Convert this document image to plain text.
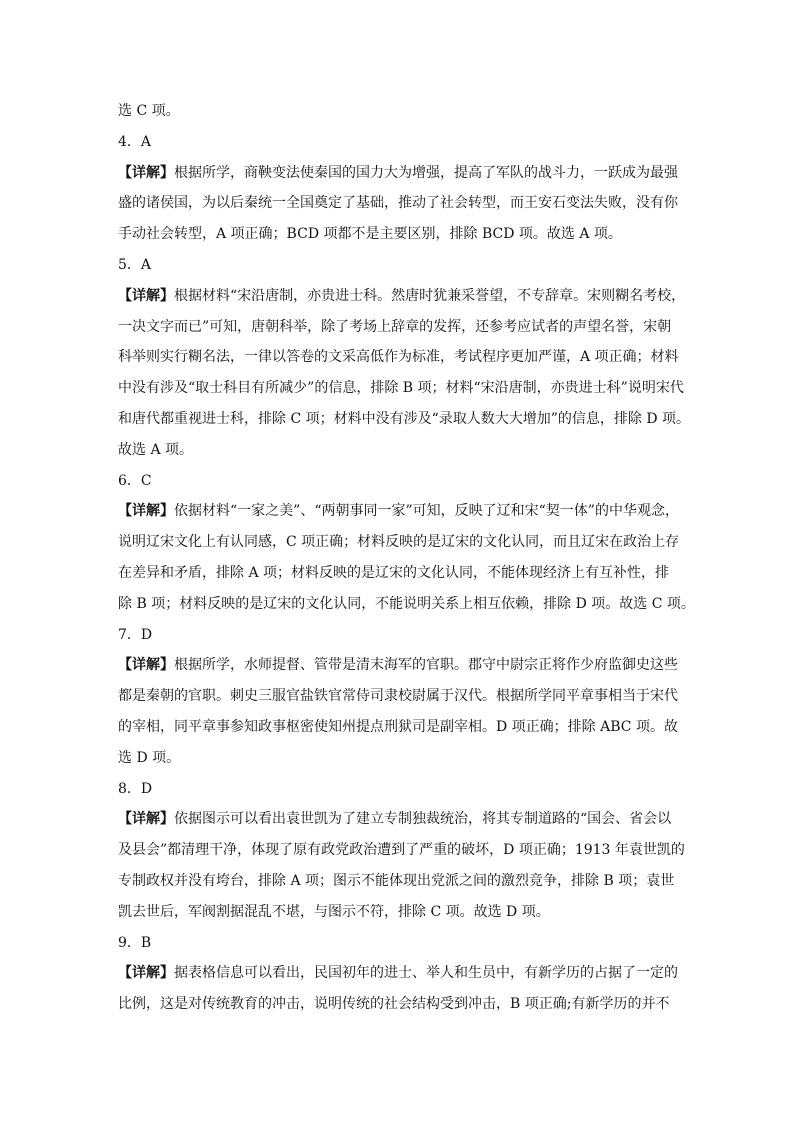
选 C 项。
4．A
【详解】根据所学，商鞅变法使秦国的国力大为增强，提高了军队的战斗力，一跃成为最强
盛的诸侯国，为以后秦统一全国奠定了基础，推动了社会转型，而王安石变法失败，没有你
手动社会转型，A 项正确；BCD 项都不是主要区别，排除 BCD 项。故选 A 项。
5．A
【详解】根据材料“宋沿唐制，亦贵进士科。然唐时犹兼采誉望，不专辞章。宋则糊名考校，
一决文字而已”可知，唐朝科举，除了考场上辞章的发挥，还参考应试者的声望名誉，宋朝
科举则实行糊名法，一律以答卷的文采高低作为标准，考试程序更加严谨，A 项正确；材料
中没有涉及“取士科目有所减少”的信息，排除 B 项；材料“宋沿唐制，亦贵进士科”说明宋代
和唐代都重视进士科，排除 C 项；材料中没有涉及“录取人数大大增加”的信息，排除 D 项。
故选 A 项。
6．C
【详解】依据材料“一家之美”、“两朝事同一家”可知，反映了辽和宋“契一体”的中华观念，
说明辽宋文化上有认同感，C 项正确；材料反映的是辽宋的文化认同，而且辽宋在政治上存
在差异和矛盾，排除 A 项；材料反映的是辽宋的文化认同，不能体现经济上有互补性，排
除 B 项；材料反映的是辽宋的文化认同，不能说明关系上相互依赖，排除 D 项。故选 C 项。
7．D
【详解】根据所学，水师提督、管带是清末海军的官职。郡守中尉宗正将作少府监御史这些
都是秦朝的官职。刺史三服官盐铁官常侍司隶校尉属于汉代。根据所学同平章事相当于宋代
的宰相，同平章事参知政事枢密使知州提点刑狱司是副宰相。D 项正确；排除 ABC 项。故
选 D 项。
8．D
【详解】依据图示可以看出袁世凯为了建立专制独裁统治，将其专制道路的“国会、省会以
及县会”都清理干净，体现了原有政党政治遭到了严重的破坏，D 项正确；1913 年袁世凯的
专制政权并没有垮台，排除 A 项；图示不能体现出党派之间的激烈竞争，排除 B 项；袁世
凯去世后，军阀割据混乱不堪，与图示不符，排除 C 项。故选 D 项。
9．B
【详解】据表格信息可以看出，民国初年的进士、举人和生员中，有新学历的占据了一定的
比例，这是对传统教育的冲击，说明传统的社会结构受到冲击，B 项正确;有新学历的并不
